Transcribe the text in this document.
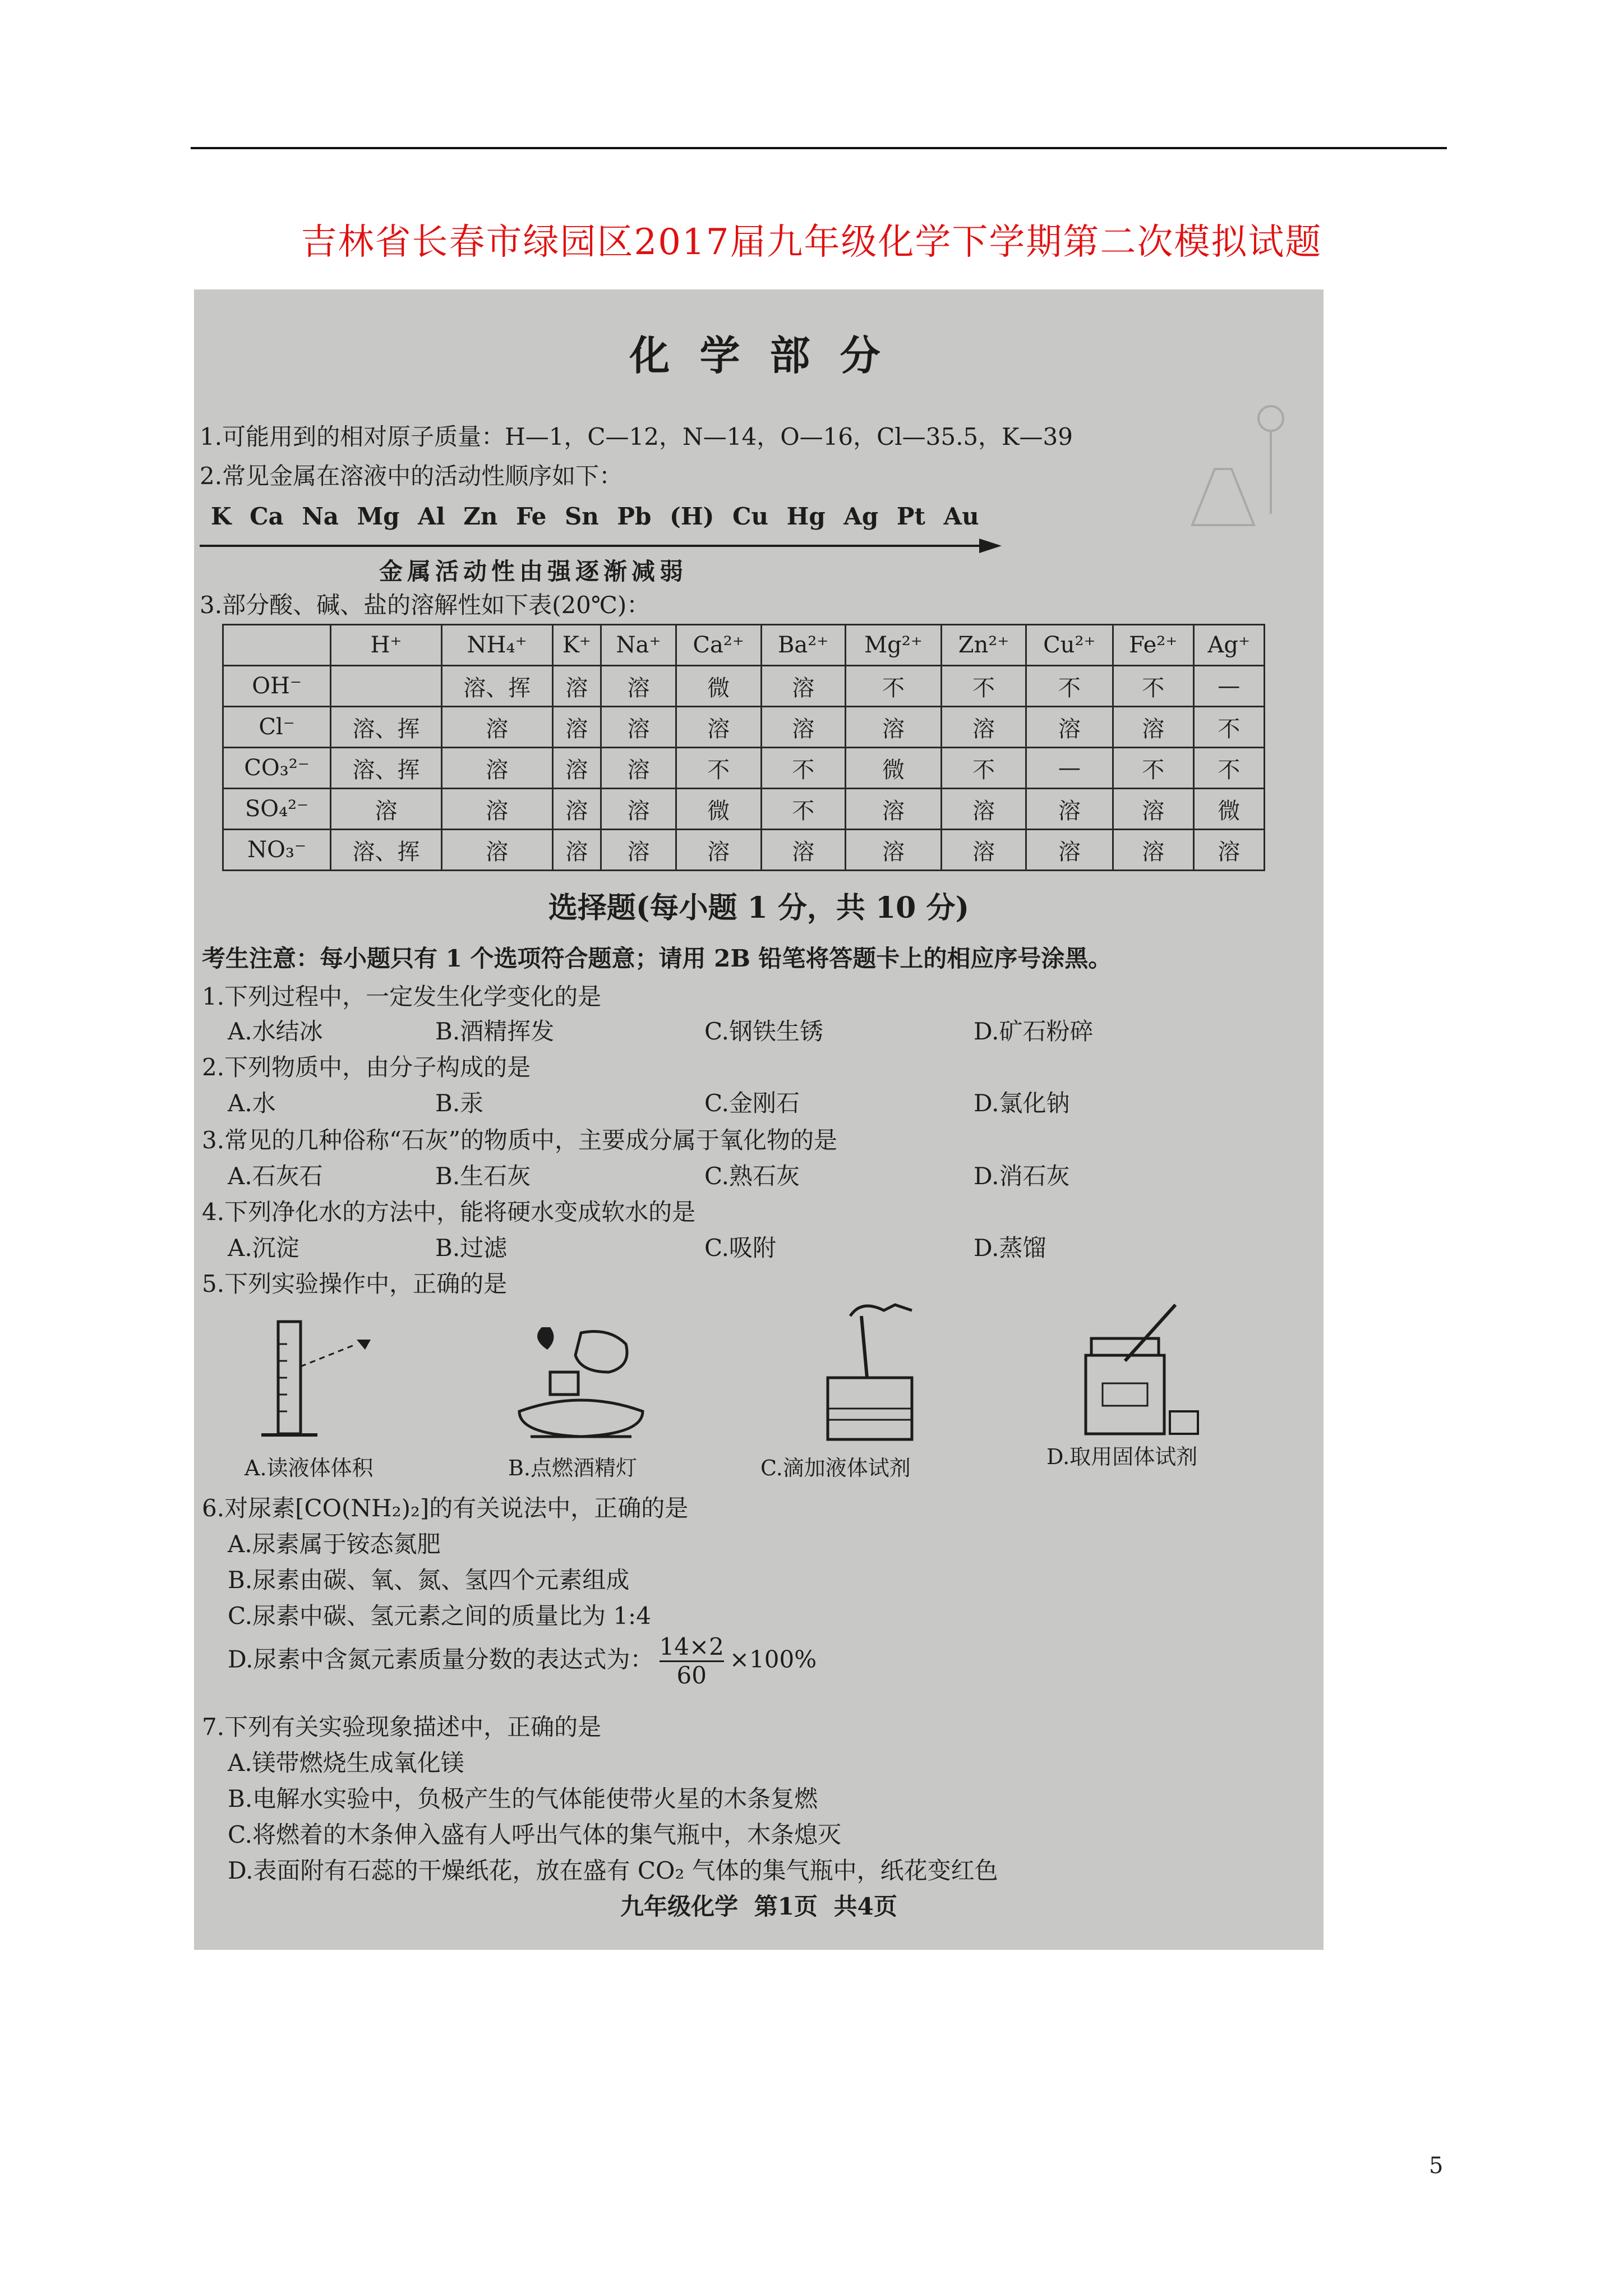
吉林省长春市绿园区2017届九年级化学下学期第二次模拟试题
化 学 部 分
1.可能用到的相对原子质量：H—1，C—12，N—14，O—16，Cl—35.5，K—39
2.常见金属在溶液中的活动性顺序如下：
K Ca Na Mg Al Zn Fe Sn Pb (H) Cu Hg Ag Pt Au
金属活动性由强逐渐减弱
3.部分酸、碱、盐的溶解性如下表(20℃)：
	H⁺	NH₄⁺	K⁺	Na⁺	Ca²⁺	Ba²⁺	Mg²⁺	Zn²⁺	Cu²⁺	Fe²⁺	Ag⁺
OH⁻		溶、挥	溶	溶	微	溶	不	不	不	不	—
Cl⁻	溶、挥	溶	溶	溶	溶	溶	溶	溶	溶	溶	不
CO₃²⁻	溶、挥	溶	溶	溶	不	不	微	不	—	不	不
SO₄²⁻	溶	溶	溶	溶	微	不	溶	溶	溶	溶	微
NO₃⁻	溶、挥	溶	溶	溶	溶	溶	溶	溶	溶	溶	溶
选择题(每小题 1 分，共 10 分)
考生注意：每小题只有 1 个选项符合题意；请用 2B 铅笔将答题卡上的相应序号涂黑。
1.下列过程中，一定发生化学变化的是
A.水结冰	B.酒精挥发	C.钢铁生锈	D.矿石粉碎
2.下列物质中，由分子构成的是
A.水	B.汞	C.金刚石	D.氯化钠
3.常见的几种俗称“石灰”的物质中，主要成分属于氧化物的是
A.石灰石	B.生石灰	C.熟石灰	D.消石灰
4.下列净化水的方法中，能将硬水变成软水的是
A.沉淀	B.过滤	C.吸附	D.蒸馏
5.下列实验操作中，正确的是
A.读液体体积	B.点燃酒精灯	C.滴加液体试剂	D.取用固体试剂
6.对尿素[CO(NH₂)₂]的有关说法中，正确的是
A.尿素属于铵态氮肥
B.尿素由碳、氧、氮、氢四个元素组成
C.尿素中碳、氢元素之间的质量比为 1:4
D.尿素中含氮元素质量分数的表达式为： $\frac{14\times 2}{60} \times 100\%$
7.下列有关实验现象描述中，正确的是
A.镁带燃烧生成氧化镁
B.电解水实验中，负极产生的气体能使带火星的木条复燃
C.将燃着的木条伸入盛有人呼出气体的集气瓶中，木条熄灭
D.表面附有石蕊的干燥纸花，放在盛有 CO₂ 气体的集气瓶中，纸花变红色
九年级化学 第1页 共4页
5
